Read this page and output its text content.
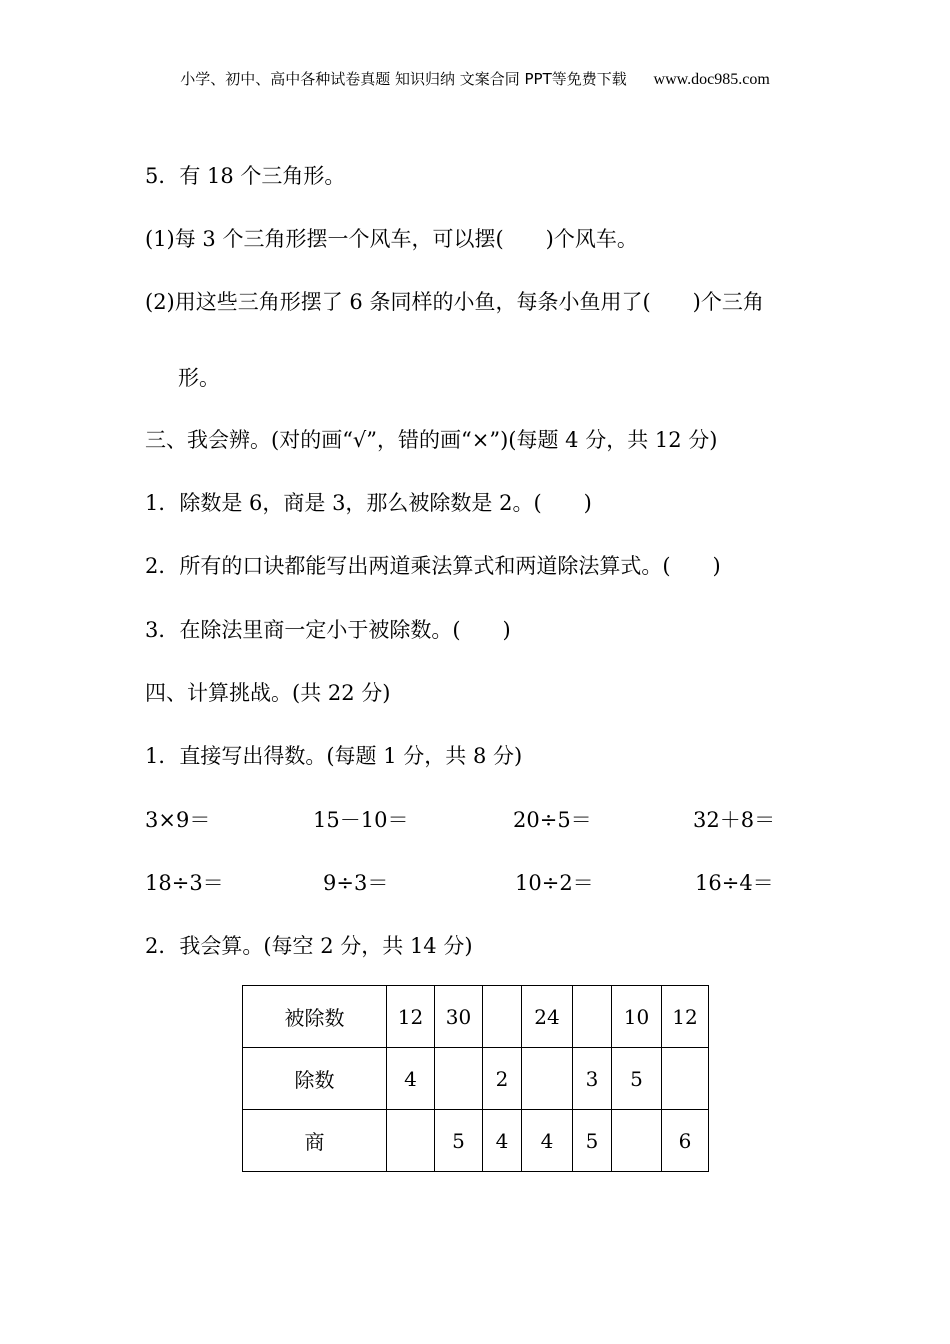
小学、初中、高中各种试卷真题 知识归纳 文案合同 PPT等免费下载 www.doc985.com
5．有 18 个三角形。
(1)每 3 个三角形摆一个风车，可以摆(　　)个风车。
(2)用这些三角形摆了 6 条同样的小鱼，每条小鱼用了(　　)个三角
形。
三、我会辨。(对的画“√”，错的画“×”)(每题 4 分，共 12 分)
1．除数是 6，商是 3，那么被除数是 2。(　　)
2．所有的口诀都能写出两道乘法算式和两道除法算式。(　　)
3．在除法里商一定小于被除数。(　　)
四、计算挑战。(共 22 分)
1．直接写出得数。(每题 1 分，共 8 分)
3×9＝	15－10＝	20÷5＝	32＋8＝
18÷3＝	9÷3＝	10÷2＝	16÷4＝
2．我会算。(每空 2 分，共 14 分)
被除数	12	30		24		10	12
除数	4		2		3	5	
商		5	4	4	5		6
